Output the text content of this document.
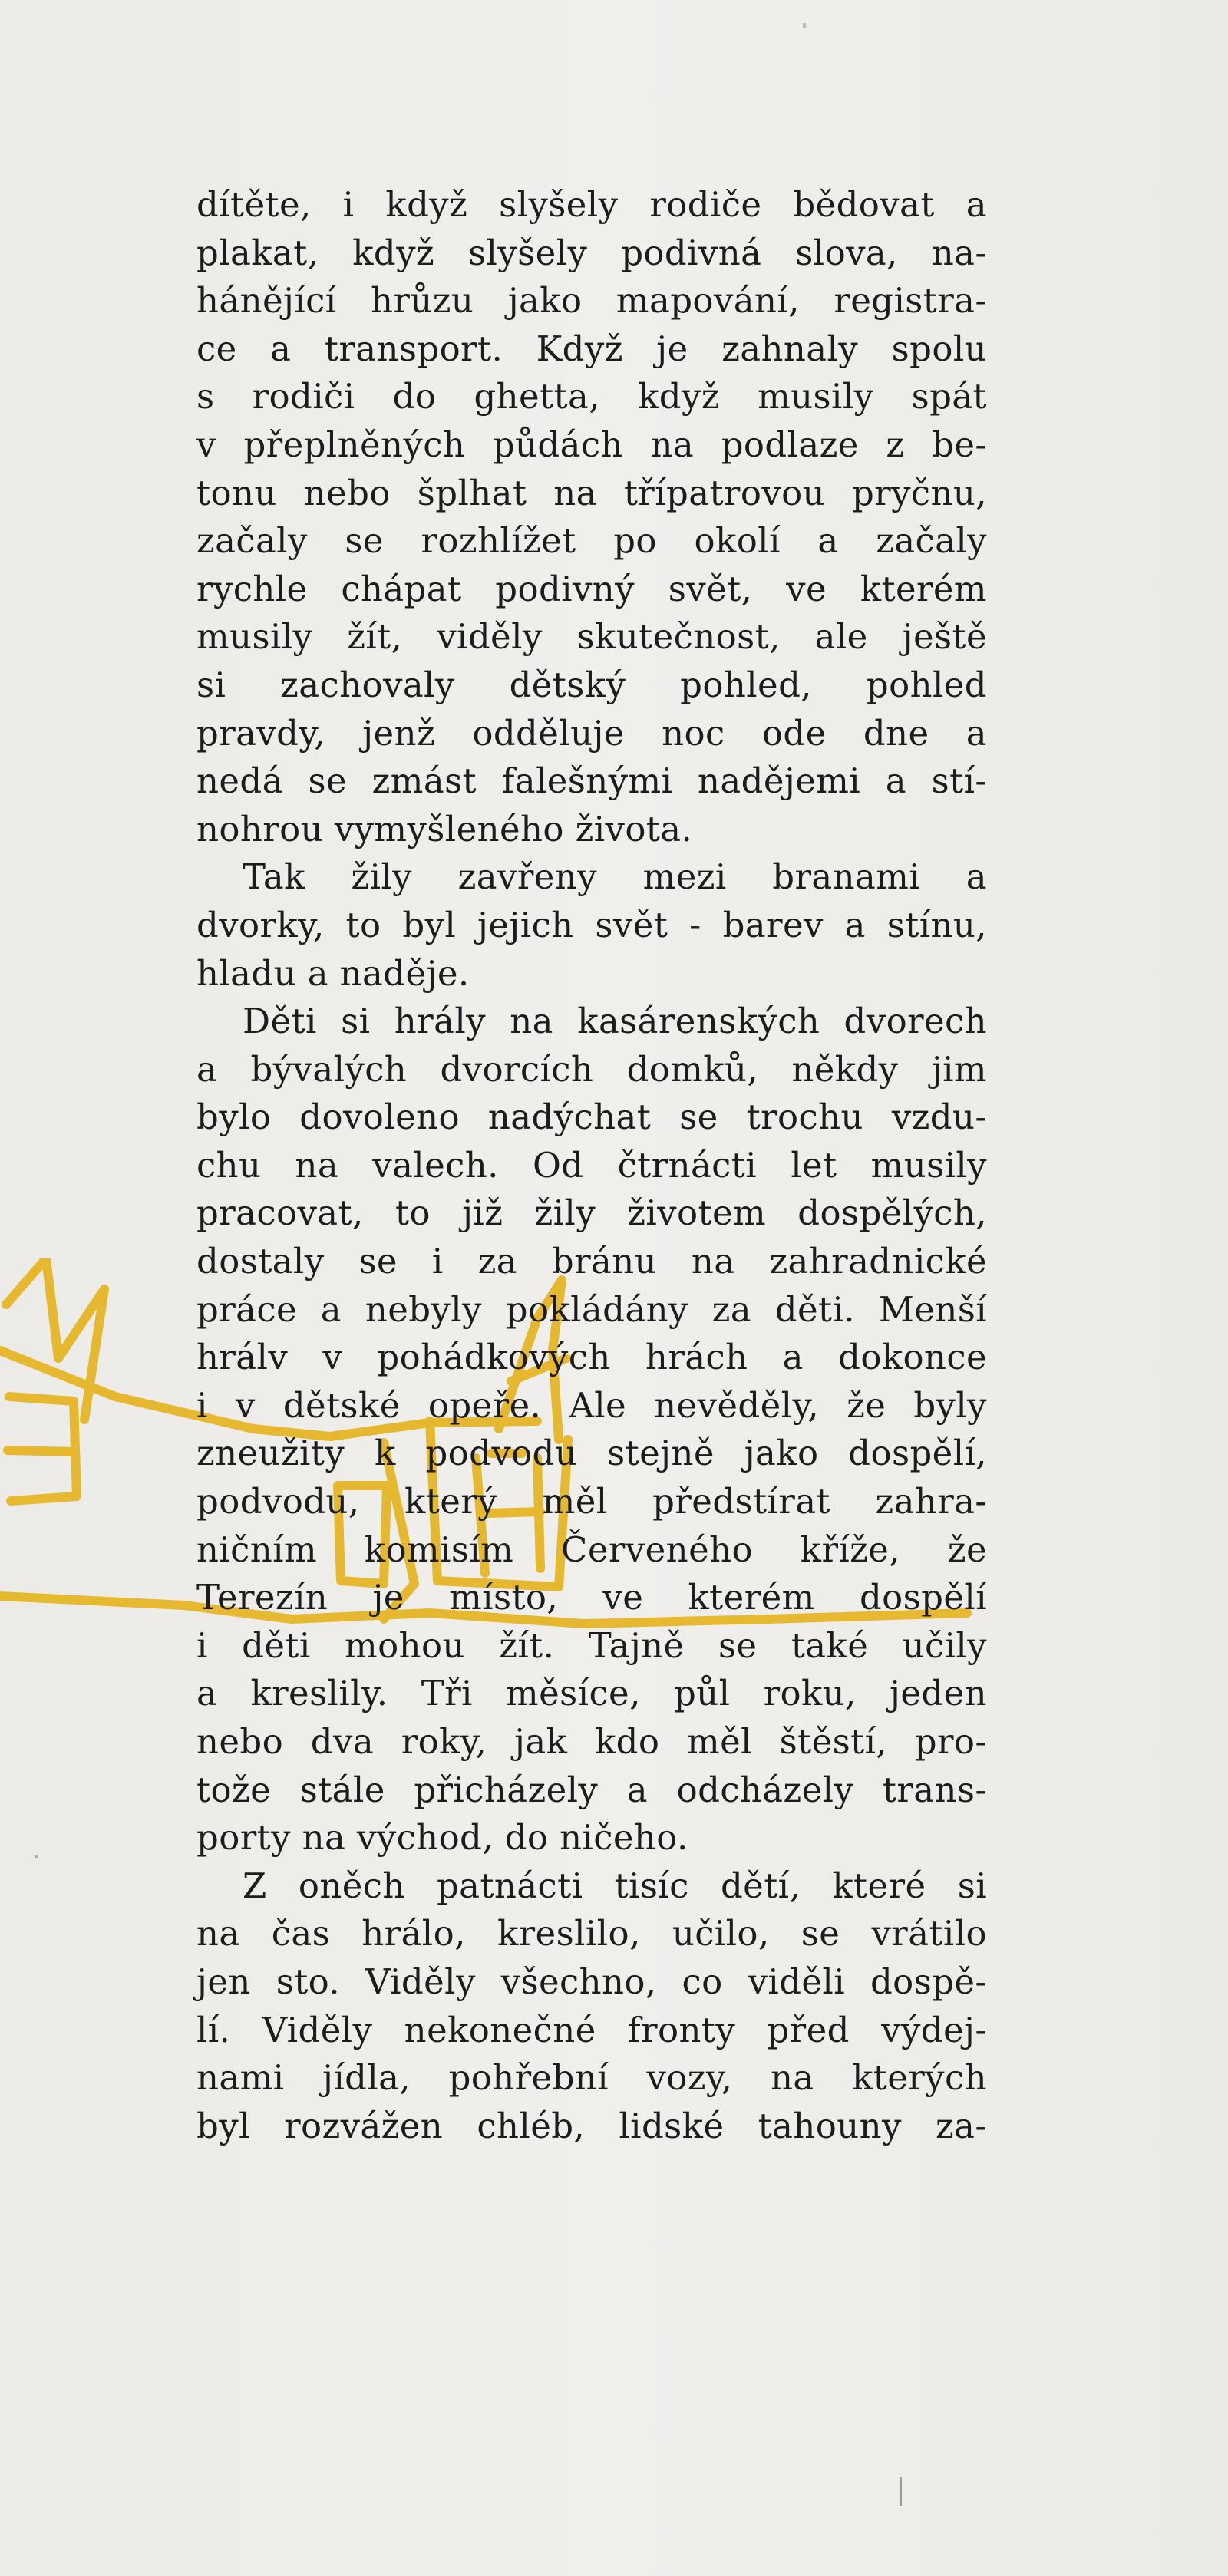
dítěte, i když slyšely rodiče bědovat a
plakat, když slyšely podivná slova, na-
hánějící hrůzu jako mapování, registra-
ce a transport. Když je zahnaly spolu
s rodiči do ghetta, když musily spát
v přeplněných půdách na podlaze z be-
tonu nebo šplhat na třípatrovou pryčnu,
začaly se rozhlížet po okolí a začaly
rychle chápat podivný svět, ve kterém
musily žít, viděly skutečnost, ale ještě
si zachovaly dětský pohled, pohled
pravdy, jenž odděluje noc ode dne a
nedá se zmást falešnými nadějemi a stí-
nohrou vymyšleného života.
Tak žily zavřeny mezi branami a
dvorky, to byl jejich svět - barev a stínu,
hladu a naděje.
Děti si hrály na kasárenských dvorech
a bývalých dvorcích domků, někdy jim
bylo dovoleno nadýchat se trochu vzdu-
chu na valech. Od čtrnácti let musily
pracovat, to již žily životem dospělých,
dostaly se i za bránu na zahradnické
práce a nebyly pokládány za děti. Menší
hrálv v pohádkových hrách a dokonce
i v dětské opeře. Ale nevěděly, že byly
zneužity k podvodu stejně jako dospělí,
podvodu, který měl předstírat zahra-
ničním komisím Červeného kříže, že
Terezín je místo, ve kterém dospělí
i děti mohou žít. Tajně se také učily
a kreslily. Tři měsíce, půl roku, jeden
nebo dva roky, jak kdo měl štěstí, pro-
tože stále přicházely a odcházely trans-
porty na východ, do ničeho.
Z oněch patnácti tisíc dětí, které si
na čas hrálo, kreslilo, učilo, se vrátilo
jen sto. Viděly všechno, co viděli dospě-
lí. Viděly nekonečné fronty před výdej-
nami jídla, pohřební vozy, na kterých
byl rozvážen chléb, lidské tahouny za-
